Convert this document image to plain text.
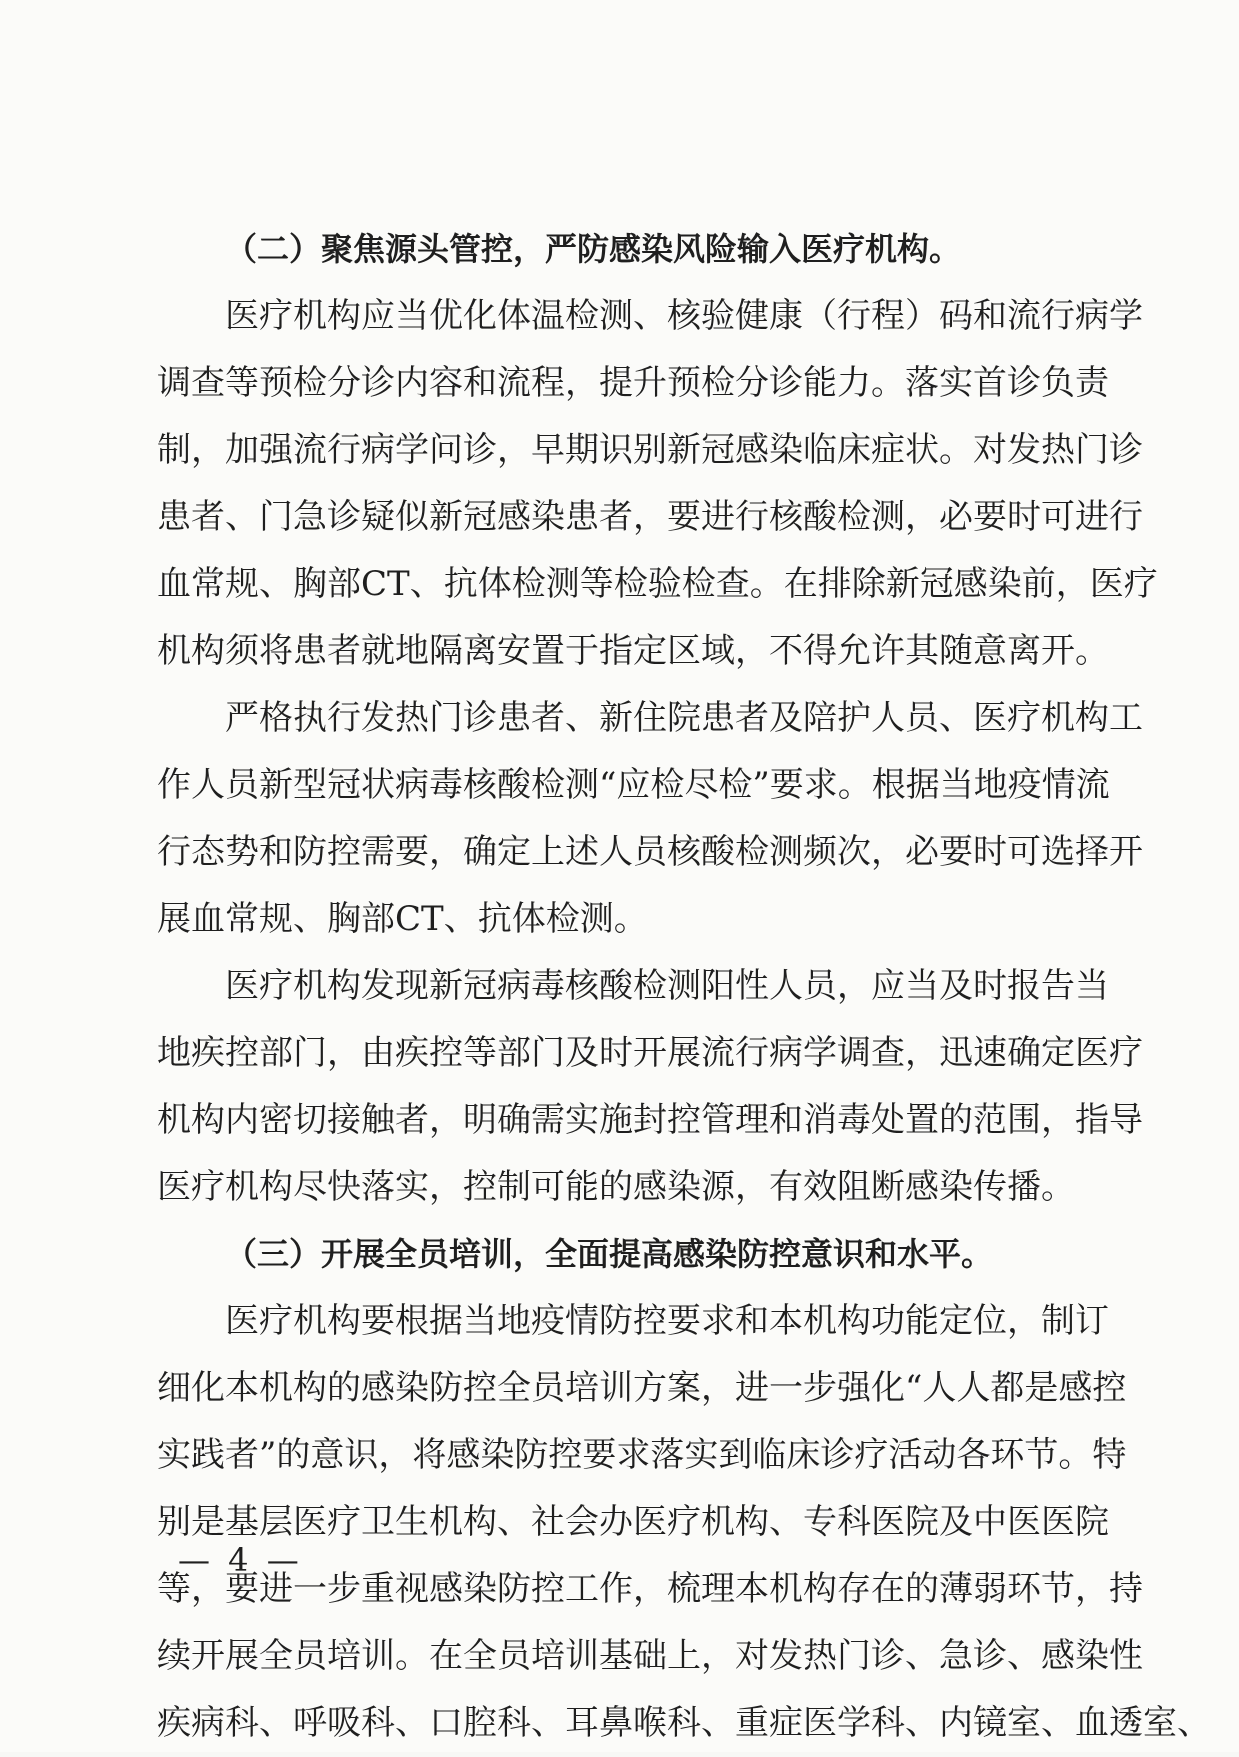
（二）聚焦源头管控，严防感染风险输入医疗机构。
医疗机构应当优化体温检测、核验健康（行程）码和流行病学
调查等预检分诊内容和流程，提升预检分诊能力。落实首诊负责
制，加强流行病学问诊，早期识别新冠感染临床症状。对发热门诊
患者、门急诊疑似新冠感染患者，要进行核酸检测，必要时可进行
血常规、胸部CT、抗体检测等检验检查。在排除新冠感染前，医疗
机构须将患者就地隔离安置于指定区域，不得允许其随意离开。
严格执行发热门诊患者、新住院患者及陪护人员、医疗机构工
作人员新型冠状病毒核酸检测“应检尽检”要求。根据当地疫情流
行态势和防控需要，确定上述人员核酸检测频次，必要时可选择开
展血常规、胸部CT、抗体检测。
医疗机构发现新冠病毒核酸检测阳性人员，应当及时报告当
地疾控部门，由疾控等部门及时开展流行病学调查，迅速确定医疗
机构内密切接触者，明确需实施封控管理和消毒处置的范围，指导
医疗机构尽快落实，控制可能的感染源，有效阻断感染传播。
（三）开展全员培训，全面提高感染防控意识和水平。
医疗机构要根据当地疫情防控要求和本机构功能定位，制订
细化本机构的感染防控全员培训方案，进一步强化“人人都是感控
实践者”的意识，将感染防控要求落实到临床诊疗活动各环节。特
别是基层医疗卫生机构、社会办医疗机构、专科医院及中医医院
等，要进一步重视感染防控工作，梳理本机构存在的薄弱环节，持
续开展全员培训。在全员培训基础上，对发热门诊、急诊、感染性
疾病科、呼吸科、口腔科、耳鼻喉科、重症医学科、内镜室、血透室、
— 4 —
